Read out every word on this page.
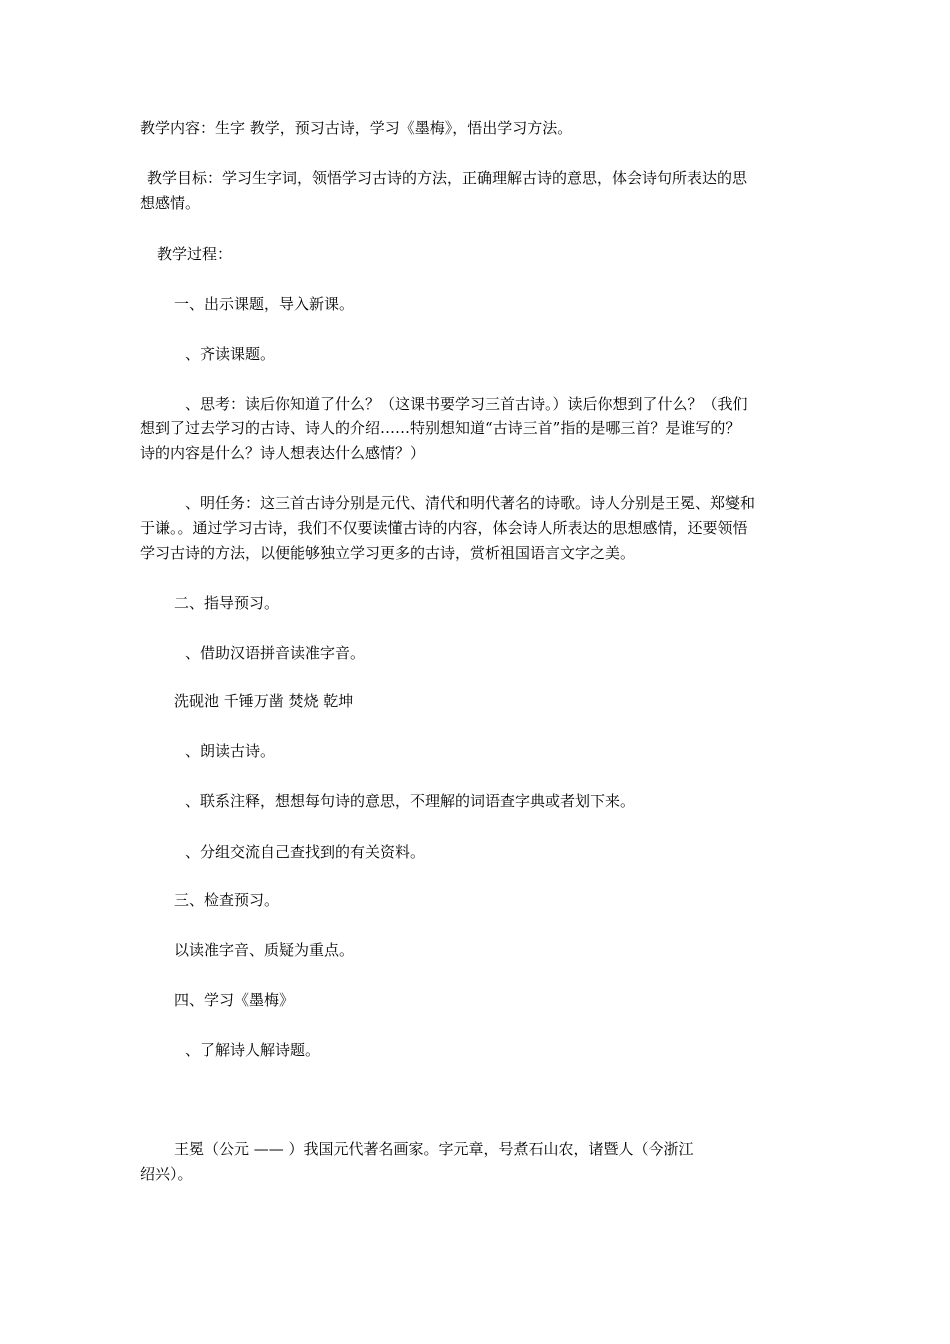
教学内容：生字 教学，预习古诗，学习《墨梅》，悟出学习方法。
教学目标：学习生字词，领悟学习古诗的方法，正确理解古诗的意思，体会诗句所表达的思
想感情。
教学过程：
一、出示课题，导入新课。
、齐读课题。
、思考：读后你知道了什么？（这课书要学习三首古诗。）读后你想到了什么？（我们
想到了过去学习的古诗、诗人的介绍……特别想知道“古诗三首”指的是哪三首？是谁写的？
诗的内容是什么？诗人想表达什么感情？）
、明任务：这三首古诗分别是元代、清代和明代著名的诗歌。诗人分别是王冕、郑燮和
于谦。。通过学习古诗，我们不仅要读懂古诗的内容，体会诗人所表达的思想感情，还要领悟
学习古诗的方法，以便能够独立学习更多的古诗，赏析祖国语言文字之美。
二、指导预习。
、借助汉语拼音读准字音。
洗砚池 千锤万凿 焚烧 乾坤
、朗读古诗。
、联系注释，想想每句诗的意思，不理解的词语查字典或者划下来。
、分组交流自己查找到的有关资料。
三、检查预习。
以读准字音、质疑为重点。
四、学习《墨梅》
、了解诗人解诗题。
王冕（公元 —— ）我国元代著名画家。字元章，号煮石山农，诸暨人（今浙江
绍兴）。
